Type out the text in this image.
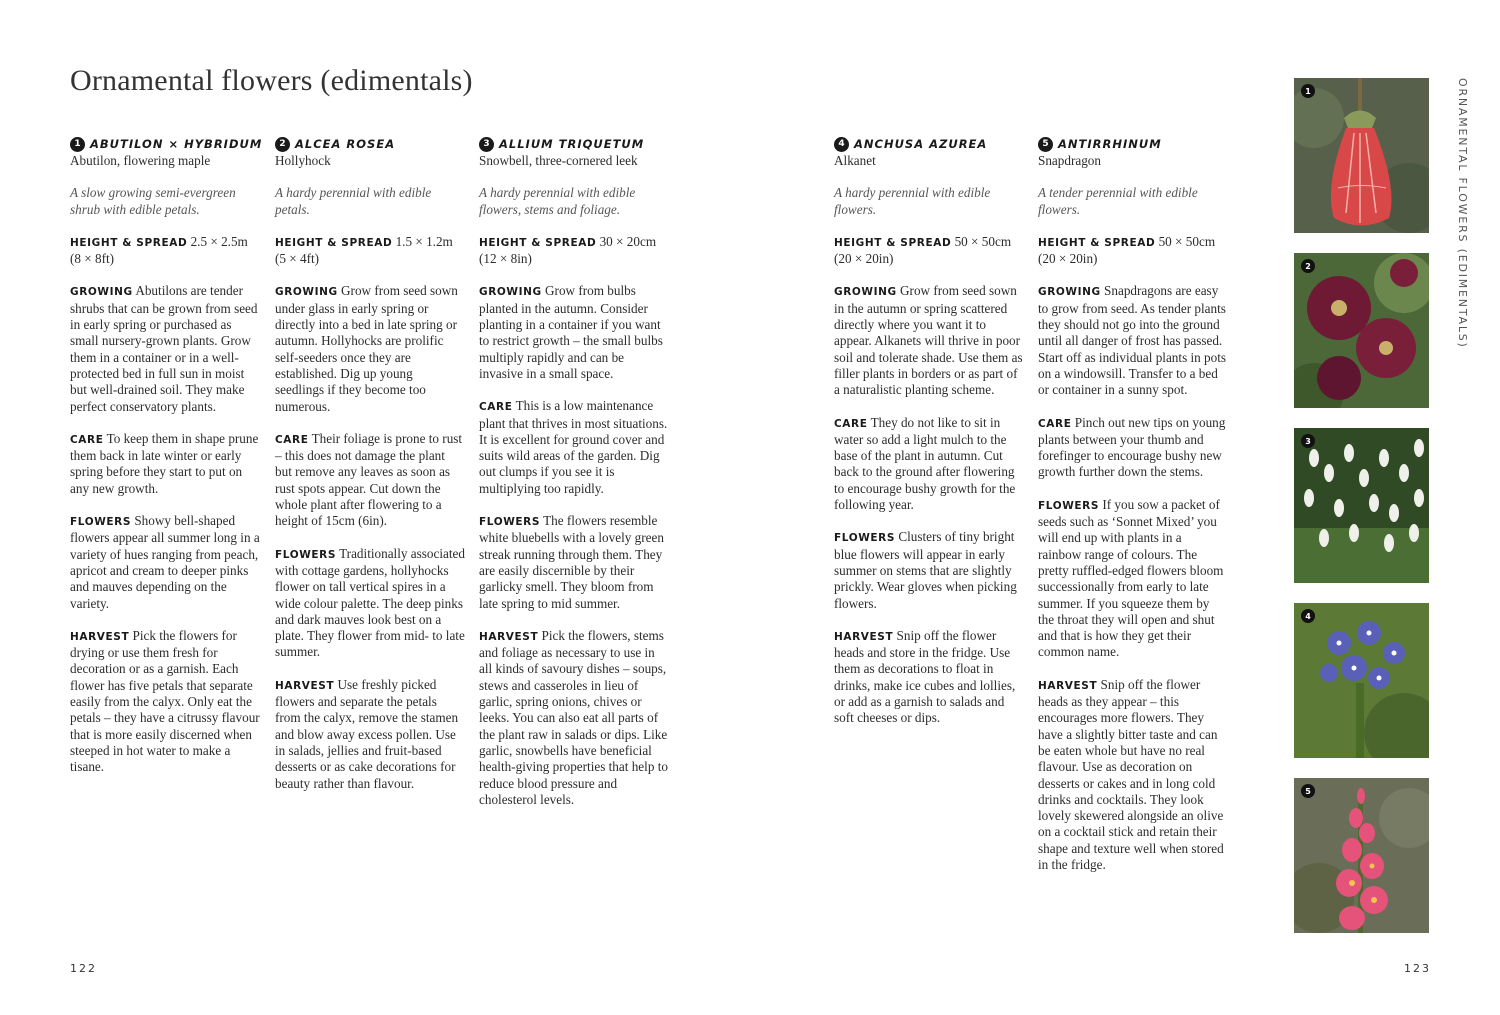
Ornamental flowers (edimentals)
1 ABUTILON × HYBRIDUM
Abutilon, flowering maple
A slow growing semi-evergreen shrub with edible petals.
HEIGHT & SPREAD 2.5 × 2.5m (8 × 8ft)
GROWING Abutilons are tender shrubs that can be grown from seed in early spring or purchased as small nursery-grown plants. Grow them in a container or in a well-protected bed in full sun in moist but well-drained soil. They make perfect conservatory plants.
CARE To keep them in shape prune them back in late winter or early spring before they start to put on any new growth.
FLOWERS Showy bell-shaped flowers appear all summer long in a variety of hues ranging from peach, apricot and cream to deeper pinks and mauves depending on the variety.
HARVEST Pick the flowers for drying or use them fresh for decoration or as a garnish. Each flower has five petals that separate easily from the calyx. Only eat the petals – they have a citrussy flavour that is more easily discerned when steeped in hot water to make a tisane.
2 ALCEA ROSEA
Hollyhock
A hardy perennial with edible petals.
HEIGHT & SPREAD 1.5 × 1.2m (5 × 4ft)
GROWING Grow from seed sown under glass in early spring or directly into a bed in late spring or autumn. Hollyhocks are prolific self-seeders once they are established. Dig up young seedlings if they become too numerous.
CARE Their foliage is prone to rust – this does not damage the plant but remove any leaves as soon as rust spots appear. Cut down the whole plant after flowering to a height of 15cm (6in).
FLOWERS Traditionally associated with cottage gardens, hollyhocks flower on tall vertical spires in a wide colour palette. The deep pinks and dark mauves look best on a plate. They flower from mid- to late summer.
HARVEST Use freshly picked flowers and separate the petals from the calyx, remove the stamen and blow away excess pollen. Use in salads, jellies and fruit-based desserts or as cake decorations for beauty rather than flavour.
3 ALLIUM TRIQUETUM
Snowbell, three-cornered leek
A hardy perennial with edible flowers, stems and foliage.
HEIGHT & SPREAD 30 × 20cm (12 × 8in)
GROWING Grow from bulbs planted in the autumn. Consider planting in a container if you want to restrict growth – the small bulbs multiply rapidly and can be invasive in a small space.
CARE This is a low maintenance plant that thrives in most situations. It is excellent for ground cover and suits wild areas of the garden. Dig out clumps if you see it is multiplying too rapidly.
FLOWERS The flowers resemble white bluebells with a lovely green streak running through them. They are easily discernible by their garlicky smell. They bloom from late spring to mid summer.
HARVEST Pick the flowers, stems and foliage as necessary to use in all kinds of savoury dishes – soups, stews and casseroles in lieu of garlic, spring onions, chives or leeks. You can also eat all parts of the plant raw in salads or dips. Like garlic, snowbells have beneficial health-giving properties that help to reduce blood pressure and cholesterol levels.
122
4 ANCHUSA AZUREA
Alkanet
A hardy perennial with edible flowers.
HEIGHT & SPREAD 50 × 50cm (20 × 20in)
GROWING Grow from seed sown in the autumn or spring scattered directly where you want it to appear. Alkanets will thrive in poor soil and tolerate shade. Use them as filler plants in borders or as part of a naturalistic planting scheme.
CARE They do not like to sit in water so add a light mulch to the base of the plant in autumn. Cut back to the ground after flowering to encourage bushy growth for the following year.
FLOWERS Clusters of tiny bright blue flowers will appear in early summer on stems that are slightly prickly. Wear gloves when picking flowers.
HARVEST Snip off the flower heads and store in the fridge. Use them as decorations to float in drinks, make ice cubes and lollies, or add as a garnish to salads and soft cheeses or dips.
5 ANTIRRHINUM
Snapdragon
A tender perennial with edible flowers.
HEIGHT & SPREAD 50 × 50cm (20 × 20in)
GROWING Snapdragons are easy to grow from seed. As tender plants they should not go into the ground until all danger of frost has passed. Start off as individual plants in pots on a windowsill. Transfer to a bed or container in a sunny spot.
CARE Pinch out new tips on young plants between your thumb and forefinger to encourage bushy new growth further down the stems.
FLOWERS If you sow a packet of seeds such as ‘Sonnet Mixed’ you will end up with plants in a rainbow range of colours. The pretty ruffled-edged flowers bloom successionally from early to late summer. If you squeeze them by the throat they will open and shut and that is how they get their common name.
HARVEST Snip off the flower heads as they appear – this encourages more flowers. They have a slightly bitter taste and can be eaten whole but have no real flavour. Use as decoration on desserts or cakes and in long cold drinks and cocktails. They look lovely skewered alongside an olive on a cocktail stick and retain their shape and texture well when stored in the fridge.
1
2
3
4
5
ORNAMENTAL FLOWERS (EDIMENTALS)
123
